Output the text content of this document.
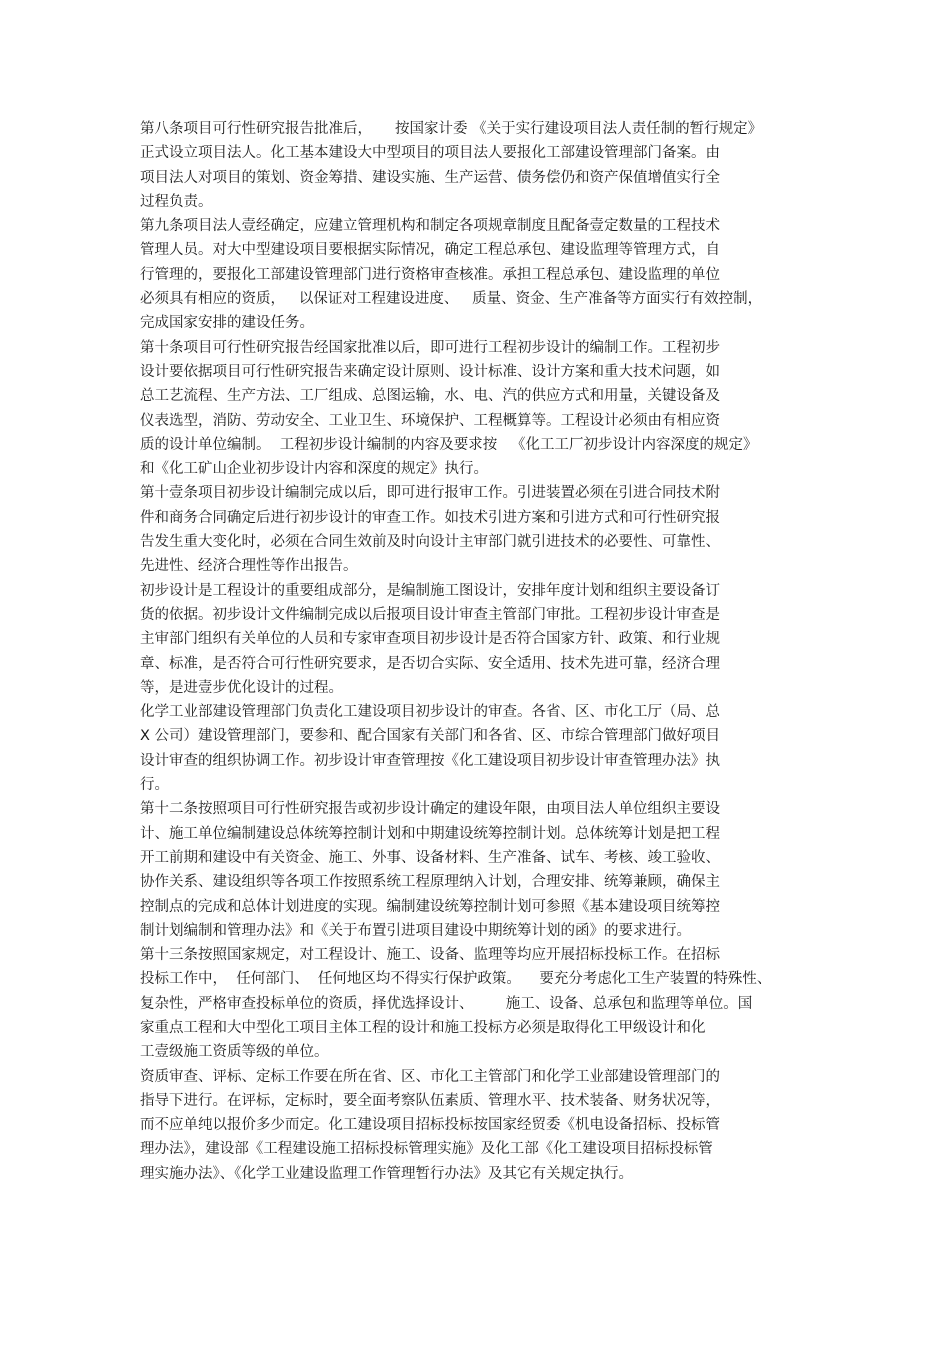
第八条项目可行性研究报告批准后，     按国家计委 《关于实行建设项目法人责任制的暂行规定》
正式设立项目法人。化工基本建设大中型项目的项目法人要报化工部建设管理部门备案。由
项目法人对项目的策划、资金筹措、建设实施、生产运营、债务偿仍和资产保值增值实行全
过程负责。
第九条项目法人壹经确定，应建立管理机构和制定各项规章制度且配备壹定数量的工程技术
管理人员。对大中型建设项目要根据实际情况，确定工程总承包、建设监理等管理方式，自
行管理的，要报化工部建设管理部门进行资格审查核准。承担工程总承包、建设监理的单位
必须具有相应的资质，   以保证对工程建设进度、   质量、资金、生产准备等方面实行有效控制，
完成国家安排的建设任务。
第十条项目可行性研究报告经国家批准以后，即可进行工程初步设计的编制工作。工程初步
设计要依据项目可行性研究报告来确定设计原则、设计标准、设计方案和重大技术问题，如
总工艺流程、生产方法、工厂组成、总图运输，水、电、汽的供应方式和用量，关键设备及
仪表选型，消防、劳动安全、工业卫生、环境保护、工程概算等。工程设计必须由有相应资
质的设计单位编制。  工程初步设计编制的内容及要求按   《化工工厂初步设计内容深度的规定》
和《化工矿山企业初步设计内容和深度的规定》执行。
第十壹条项目初步设计编制完成以后，即可进行报审工作。引进装置必须在引进合同技术附
件和商务合同确定后进行初步设计的审查工作。如技术引进方案和引进方式和可行性研究报
告发生重大变化时，必须在合同生效前及时向设计主审部门就引进技术的必要性、可靠性、
先进性、经济合理性等作出报告。
初步设计是工程设计的重要组成部分，是编制施工图设计，安排年度计划和组织主要设备订
货的依据。初步设计文件编制完成以后报项目设计审查主管部门审批。工程初步设计审查是
主审部门组织有关单位的人员和专家审查项目初步设计是否符合国家方针、政策、和行业规
章、标准，是否符合可行性研究要求，是否切合实际、安全适用、技术先进可靠，经济合理
等，是进壹步优化设计的过程。
化学工业部建设管理部门负责化工建设项目初步设计的审查。各省、区、市化工厅（局、总
X 公司）建设管理部门，要参和、配合国家有关部门和各省、区、市综合管理部门做好项目
设计审查的组织协调工作。初步设计审查管理按《化工建设项目初步设计审查管理办法》执
行。
第十二条按照项目可行性研究报告或初步设计确定的建设年限，由项目法人单位组织主要设
计、施工单位编制建设总体统筹控制计划和中期建设统筹控制计划。总体统筹计划是把工程
开工前期和建设中有关资金、施工、外事、设备材料、生产准备、试车、考核、竣工验收、
协作关系、建设组织等各项工作按照系统工程原理纳入计划，合理安排、统筹兼顾，确保主
控制点的完成和总体计划进度的实现。编制建设统筹控制计划可参照《基本建设项目统筹控
制计划编制和管理办法》和《关于布置引进项目建设中期统筹计划的函》的要求进行。
第十三条按照国家规定，对工程设计、施工、设备、监理等均应开展招标投标工作。在招标
投标工作中，  任何部门、  任何地区均不得实行保护政策。    要充分考虑化工生产装置的特殊性、
复杂性，严格审查投标单位的资质，择优选择设计、       施工、设备、总承包和监理等单位。国
家重点工程和大中型化工项目主体工程的设计和施工投标方必须是取得化工甲级设计和化
工壹级施工资质等级的单位。
资质审查、评标、定标工作要在所在省、区、市化工主管部门和化学工业部建设管理部门的
指导下进行。在评标，定标时，要全面考察队伍素质、管理水平、技术装备、财务状况等，
而不应单纯以报价多少而定。化工建设项目招标投标按国家经贸委《机电设备招标、投标管
理办法》，建设部《工程建设施工招标投标管理实施》及化工部《化工建设项目招标投标管
理实施办法》、《化学工业建设监理工作管理暂行办法》及其它有关规定执行。
